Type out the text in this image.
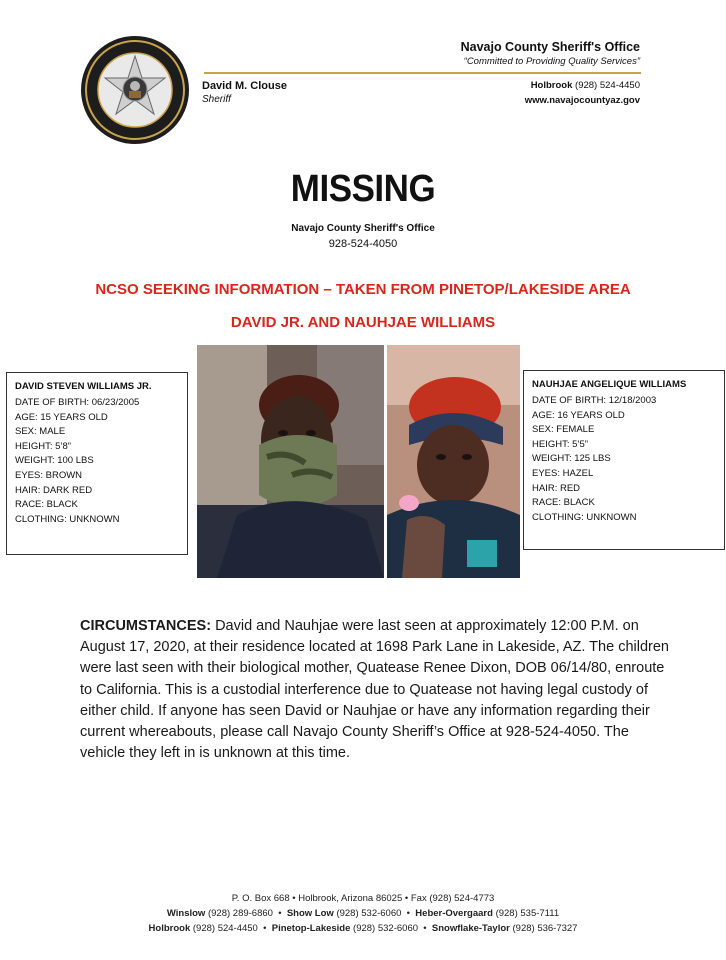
David M. Clouse
Sheriff
Navajo County Sheriff's Office
“Committed to Providing Quality Services”
Holbrook (928) 524-4450
www.navajocountyaz.gov
MISSING
Navajo County Sheriff's Office
928-524-4050
NCSO SEEKING INFORMATION – TAKEN FROM PINETOP/LAKESIDE AREA
DAVID JR. AND NAUHJAE WILLIAMS
DAVID STEVEN WILLIAMS JR.
DATE OF BIRTH: 06/23/2005
AGE: 15 YEARS OLD
SEX: MALE
HEIGHT: 5’8”
WEIGHT: 100 LBS
EYES: BROWN
HAIR: DARK RED
RACE: BLACK
CLOTHING: UNKNOWN
NAUHJAE ANGELIQUE WILLIAMS
DATE OF BIRTH: 12/18/2003
AGE: 16 YEARS OLD
SEX: FEMALE
HEIGHT: 5’5”
WEIGHT: 125 LBS
EYES: HAZEL
HAIR: RED
RACE: BLACK
CLOTHING: UNKNOWN
CIRCUMSTANCES: David and Nauhjae were last seen at approximately 12:00 P.M. on August 17, 2020, at their residence located at 1698 Park Lane in Lakeside, AZ. The children were last seen with their biological mother, Quatease Renee Dixon, DOB 06/14/80, enroute to California. This is a custodial interference due to Quatease not having legal custody of either child. If anyone has seen David or Nauhjae or have any information regarding their current whereabouts, please call Navajo County Sheriff’s Office at 928-524-4050. The vehicle they left in is unknown at this time.
P. O. Box 668 • Holbrook, Arizona 86025 • Fax (928) 524-4773
Winslow (928) 289-6860  •  Show Low (928) 532-6060  •  Heber-Overgaard (928) 535-7111
Holbrook (928) 524-4450  •  Pinetop-Lakeside (928) 532-6060  •  Snowflake-Taylor (928) 536-7327
